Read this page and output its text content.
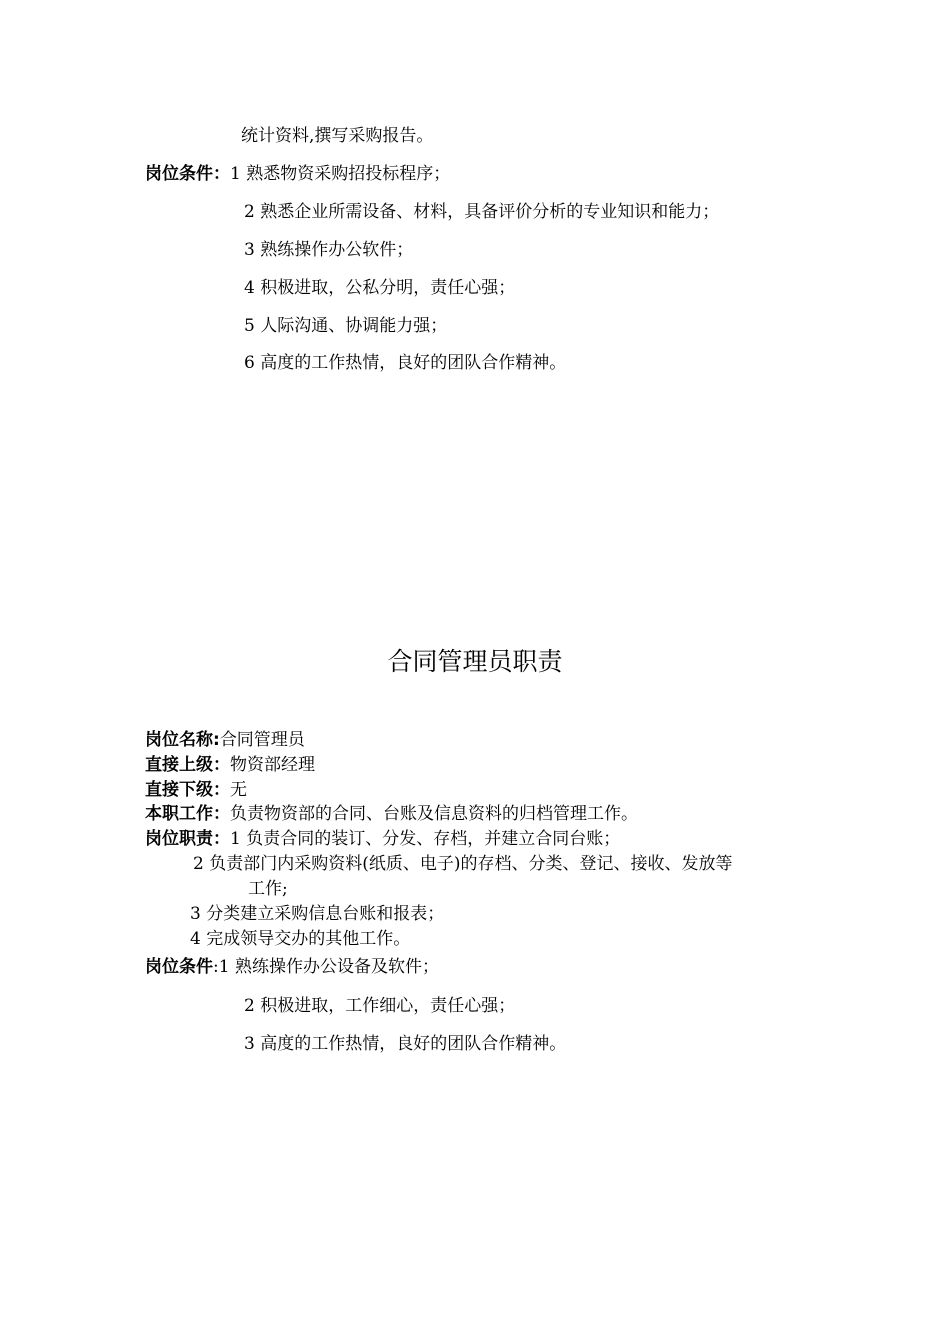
统计资料,撰写采购报告。
岗位条件：1 熟悉物资采购招投标程序；
2 熟悉企业所需设备、材料，具备评价分析的专业知识和能力；
3 熟练操作办公软件；
4 积极进取，公私分明，责任心强；
5 人际沟通、协调能力强；
6 高度的工作热情，良好的团队合作精神。
合同管理员职责
岗位名称:合同管理员
直接上级：物资部经理
直接下级：无
本职工作：负责物资部的合同、台账及信息资料的归档管理工作。
岗位职责：1 负责合同的装订、分发、存档，并建立合同台账；
2 负责部门内采购资料(纸质、电子)的存档、分类、登记、接收、发放等
工作;
3 分类建立采购信息台账和报表；
4 完成领导交办的其他工作。
岗位条件:1 熟练操作办公设备及软件；
2 积极进取，工作细心，责任心强；
3 高度的工作热情，良好的团队合作精神。
